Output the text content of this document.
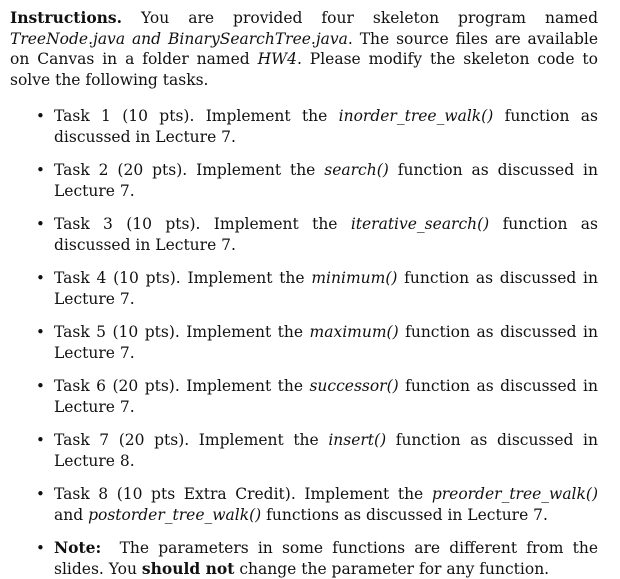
Instructions. You are provided four skeleton program named TreeNode.java and BinarySearchTree.java. The source files are available on Canvas in a folder named HW4. Please modify the skeleton code to solve the following tasks.

• Task 1 (10 pts). Implement the inorder_tree_walk() function as discussed in Lecture 7.
• Task 2 (20 pts). Implement the search() function as discussed in Lecture 7.
• Task 3 (10 pts). Implement the iterative_search() function as discussed in Lecture 7.
• Task 4 (10 pts). Implement the minimum() function as discussed in Lecture 7.
• Task 5 (10 pts). Implement the maximum() function as discussed in Lecture 7.
• Task 6 (20 pts). Implement the successor() function as discussed in Lecture 7.
• Task 7 (20 pts). Implement the insert() function as discussed in Lecture 8.
• Task 8 (10 pts Extra Credit). Implement the preorder_tree_walk() and postorder_tree_walk() functions as discussed in Lecture 7.
• Note:  The parameters in some functions are different from the slides. You should not change the parameter for any function.
